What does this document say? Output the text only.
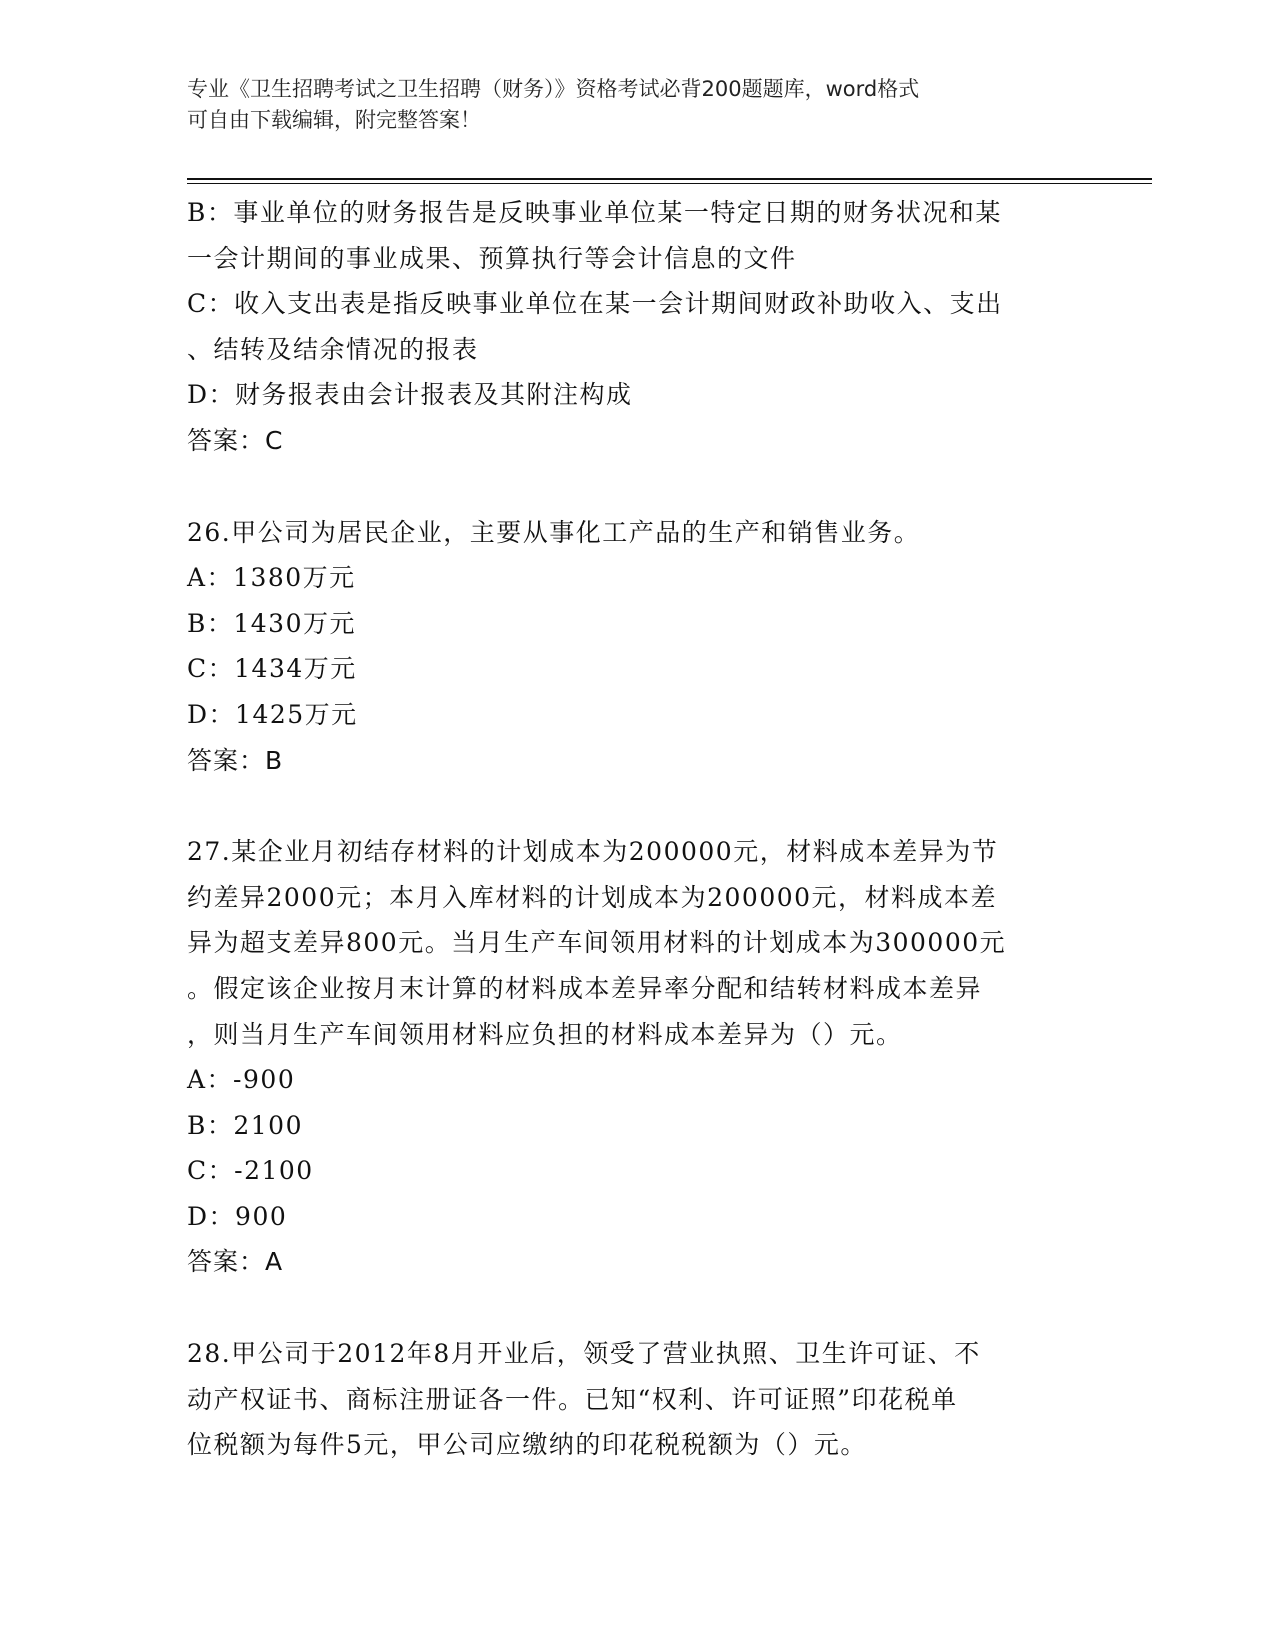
专业《卫生招聘考试之卫生招聘（财务）》资格考试必背200题题库，word格式
可自由下载编辑，附完整答案！
B：事业单位的财务报告是反映事业单位某一特定日期的财务状况和某
一会计期间的事业成果、预算执行等会计信息的文件
C：收入支出表是指反映事业单位在某一会计期间财政补助收入、支出
、结转及结余情况的报表
D：财务报表由会计报表及其附注构成
答案：C
26.甲公司为居民企业，主要从事化工产品的生产和销售业务。
A：1380万元
B：1430万元
C：1434万元
D：1425万元
答案：B
27.某企业月初结存材料的计划成本为200000元，材料成本差异为节
约差异2000元；本月入库材料的计划成本为200000元，材料成本差
异为超支差异800元。当月生产车间领用材料的计划成本为300000元
。假定该企业按月末计算的材料成本差异率分配和结转材料成本差异
，则当月生产车间领用材料应负担的材料成本差异为（）元。
A：-900
B：2100
C：-2100
D：900
答案：A
28.甲公司于2012年8月开业后，领受了营业执照、卫生许可证、不
动产权证书、商标注册证各一件。已知“权利、许可证照”印花税单
位税额为每件5元，甲公司应缴纳的印花税税额为（）元。
